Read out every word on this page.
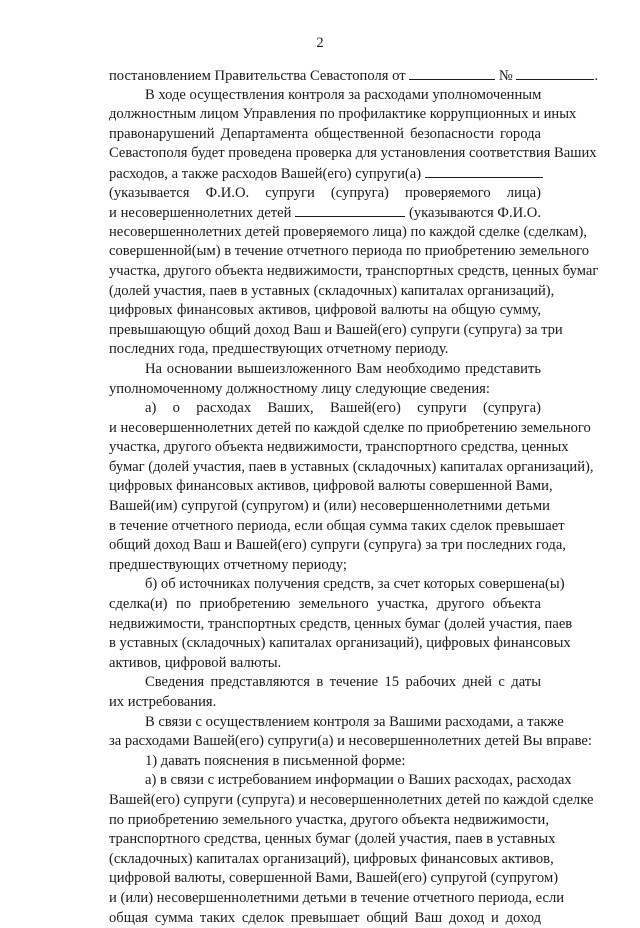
2
постановлением Правительства Севастополя от	№	.
В ходе осуществления контроля за расходами уполномоченным
должностным лицом Управления по профилактике коррупционных и иных
правонарушений Департамента общественной безопасности города
Севастополя будет проведена проверка для установления соответствия Ваших
расходов, а также расходов Вашей(его) супруги(а)
(указывается Ф.И.О. супруги (супруга) проверяемого лица)
и несовершеннолетних детей	(указываются Ф.И.О.
несовершеннолетних детей проверяемого лица) по каждой сделке (сделкам),
совершенной(ым) в течение отчетного периода по приобретению земельного
участка, другого объекта недвижимости, транспортных средств, ценных бумаг
(долей участия, паев в уставных (складочных) капиталах организаций),
цифровых финансовых активов, цифровой валюты на общую сумму,
превышающую общий доход Ваш и Вашей(его) супруги (супруга) за три
последних года, предшествующих отчетному периоду.
На основании вышеизложенного Вам необходимо представить
уполномоченному должностному лицу следующие сведения:
а) о расходах Ваших, Вашей(его) супруги (супруга)
и несовершеннолетних детей по каждой сделке по приобретению земельного
участка, другого объекта недвижимости, транспортного средства, ценных
бумаг (долей участия, паев в уставных (складочных) капиталах организаций),
цифровых финансовых активов, цифровой валюты совершенной Вами,
Вашей(им) супругой (супругом) и (или) несовершеннолетними детьми
в течение отчетного периода, если общая сумма таких сделок превышает
общий доход Ваш и Вашей(его) супруги (супруга) за три последних года,
предшествующих отчетному периоду;
б) об источниках получения средств, за счет которых совершена(ы)
сделка(и) по приобретению земельного участка, другого объекта
недвижимости, транспортных средств, ценных бумаг (долей участия, паев
в уставных (складочных) капиталах организаций), цифровых финансовых
активов, цифровой валюты.
Сведения представляются в течение 15 рабочих дней с даты
их истребования.
В связи с осуществлением контроля за Вашими расходами, а также
за расходами Вашей(его) супруги(а) и несовершеннолетних детей Вы вправе:
1) давать пояснения в письменной форме:
а) в связи с истребованием информации о Ваших расходах, расходах
Вашей(его) супруги (супруга) и несовершеннолетних детей по каждой сделке
по приобретению земельного участка, другого объекта недвижимости,
транспортного средства, ценных бумаг (долей участия, паев в уставных
(складочных) капиталах организаций), цифровых финансовых активов,
цифровой валюты, совершенной Вами, Вашей(его) супругой (супругом)
и (или) несовершеннолетними детьми в течение отчетного периода, если
общая сумма таких сделок превышает общий Ваш доход и доход
